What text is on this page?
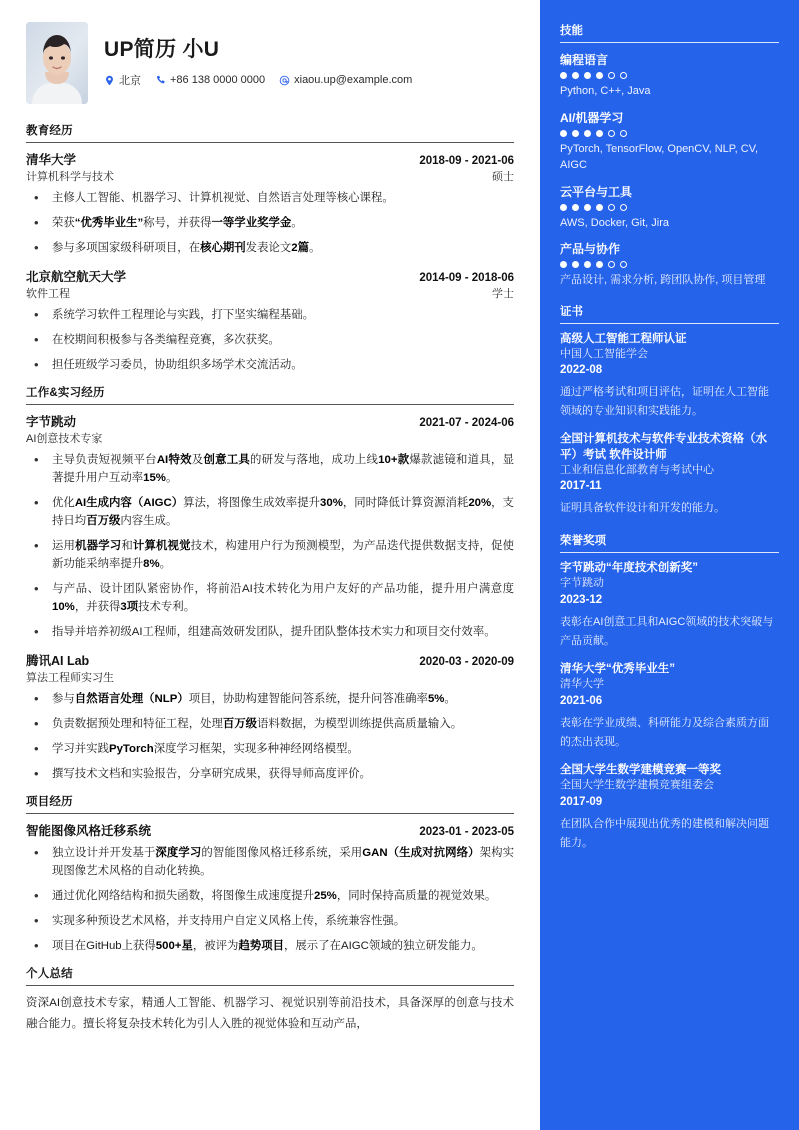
UP简历 小U
北京	+86 138 0000 0000	xiaou.up@example.com
教育经历
清华大学	2018-09 - 2021-06
计算机科学与技术	硕士
• 主修人工智能、机器学习、计算机视觉、自然语言处理等核心课程。
• 荣获“优秀毕业生”称号，并获得一等学业奖学金。
• 参与多项国家级科研项目，在核心期刊发表论文2篇。
北京航空航天大学	2014-09 - 2018-06
软件工程	学士
• 系统学习软件工程理论与实践，打下坚实编程基础。
• 在校期间积极参与各类编程竞赛，多次获奖。
• 担任班级学习委员，协助组织多场学术交流活动。
工作&实习经历
字节跳动	2021-07 - 2024-06
AI创意技术专家
• 主导负责短视频平台AI特效及创意工具的研发与落地，成功上线10+款爆款滤镜和道具，显著提升用户互动率15%。
• 优化AI生成内容（AIGC）算法，将图像生成效率提升30%，同时降低计算资源消耗20%，支持日均百万级内容生成。
• 运用机器学习和计算机视觉技术，构建用户行为预测模型，为产品迭代提供数据支持，促使新功能采纳率提升8%。
• 与产品、设计团队紧密协作，将前沿AI技术转化为用户友好的产品功能，提升用户满意度10%，并获得3项技术专利。
• 指导并培养初级AI工程师，组建高效研发团队，提升团队整体技术实力和项目交付效率。
腾讯AI Lab	2020-03 - 2020-09
算法工程师实习生
• 参与自然语言处理（NLP）项目，协助构建智能问答系统，提升问答准确率5%。
• 负责数据预处理和特征工程，处理百万级语料数据，为模型训练提供高质量输入。
• 学习并实践PyTorch深度学习框架，实现多种神经网络模型。
• 撰写技术文档和实验报告，分享研究成果，获得导师高度评价。
项目经历
智能图像风格迁移系统	2023-01 - 2023-05
• 独立设计并开发基于深度学习的智能图像风格迁移系统，采用GAN（生成对抗网络）架构实现图像艺术风格的自动化转换。
• 通过优化网络结构和损失函数，将图像生成速度提升25%，同时保持高质量的视觉效果。
• 实现多种预设艺术风格，并支持用户自定义风格上传，系统兼容性强。
• 项目在GitHub上获得500+星，被评为趋势项目，展示了在AIGC领域的独立研发能力。
个人总结
资深AI创意技术专家，精通人工智能、机器学习、视觉识别等前沿技术，具备深厚的创意与技术融合能力。擅长将复杂技术转化为引人入胜的视觉体验和互动产品，
技能
编程语言
Python, C++, Java
AI/机器学习
PyTorch, TensorFlow, OpenCV, NLP, CV, AIGC
云平台与工具
AWS, Docker, Git, Jira
产品与协作
产品设计, 需求分析, 跨团队协作, 项目管理
证书
高级人工智能工程师认证
中国人工智能学会
2022-08
通过严格考试和项目评估，证明在人工智能领域的专业知识和实践能力。
全国计算机技术与软件专业技术资格（水平）考试 软件设计师
工业和信息化部教育与考试中心
2017-11
证明具备软件设计和开发的能力。
荣誉奖项
字节跳动“年度技术创新奖”
字节跳动
2023-12
表彰在AI创意工具和AIGC领域的技术突破与产品贡献。
清华大学“优秀毕业生”
清华大学
2021-06
表彰在学业成绩、科研能力及综合素质方面的杰出表现。
全国大学生数学建模竞赛一等奖
全国大学生数学建模竞赛组委会
2017-09
在团队合作中展现出优秀的建模和解决问题能力。
